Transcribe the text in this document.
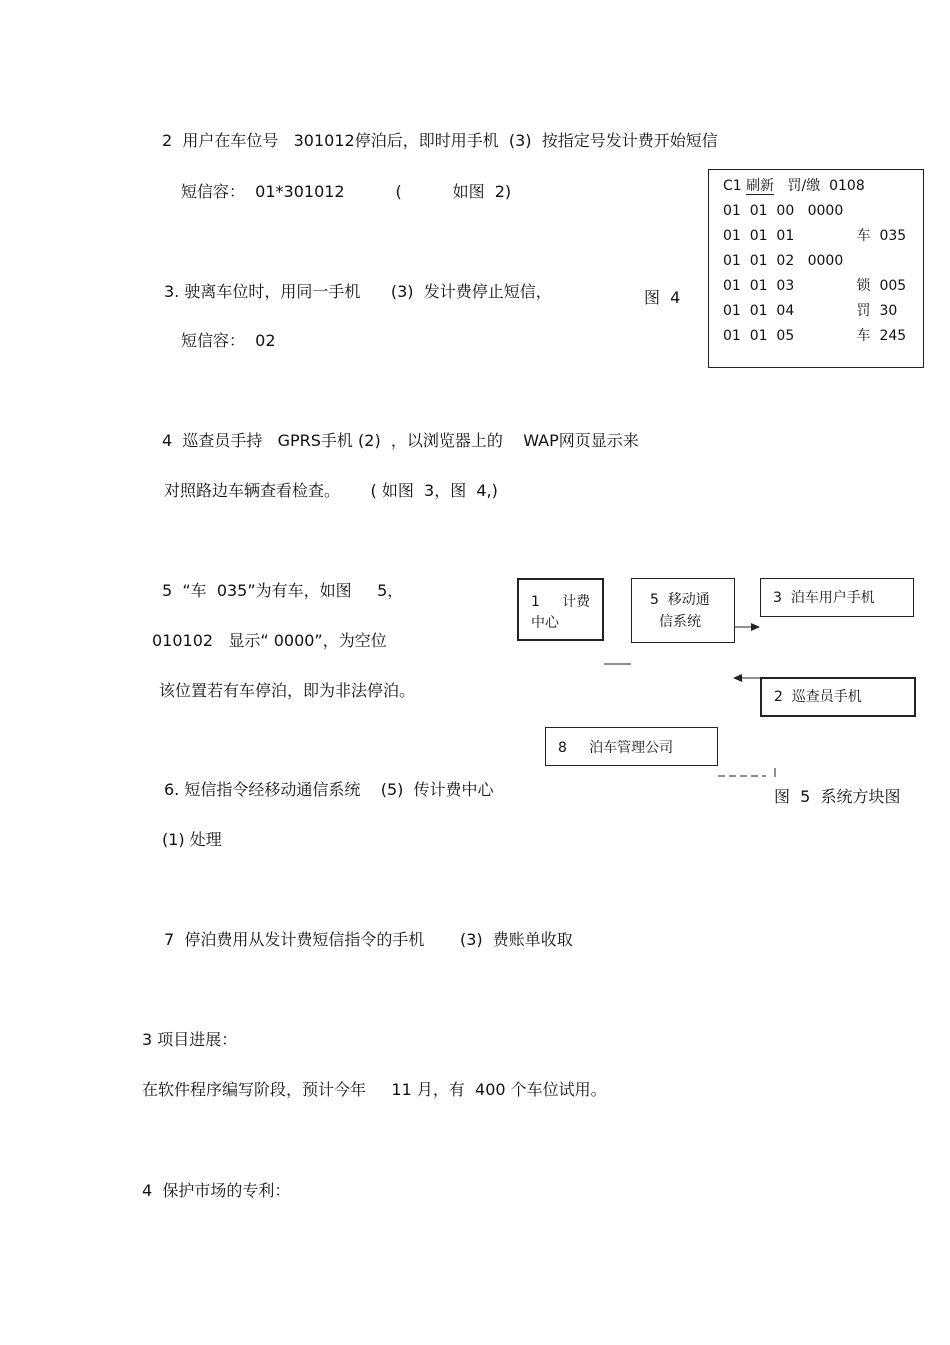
2  用户在车位号   301012停泊后，即时用手机  (3)  按指定号发计费开始短信
短信容：  01*301012          (          如图  2)
3. 驶离车位时，用同一手机      (3)  发计费停止短信，
短信容：  02
4  巡查员手持   GPRS手机 (2)  ，以浏览器上的    WAP网页显示来
对照路边车辆查看检查。      ( 如图  3，图  4,)
5  “车  035”为有车，如图     5，
010102   显示“ 0000”，为空位
该位置若有车停泊，即为非法停泊。
6. 短信指令经移动通信系统    (5)  传计费中心
(1) 处理
7  停泊费用从发计费短信指令的手机       (3)  费账单收取
3 项目进展：
在软件程序编写阶段，预计今年     11 月，有  400 个车位试用。
4  保护市场的专利：
图  4
C1 刷新   罚/缴  0108
01  01  00   0000
01  01  01              车  035
01  01  02   0000
01  01  03              锁  005
01  01  04              罚  30
01  01  05              车  245
1     计费
中心
5  移动通
信系统
3  泊车用户手机
2  巡查员手机
8     泊车管理公司
图  5  系统方块图
